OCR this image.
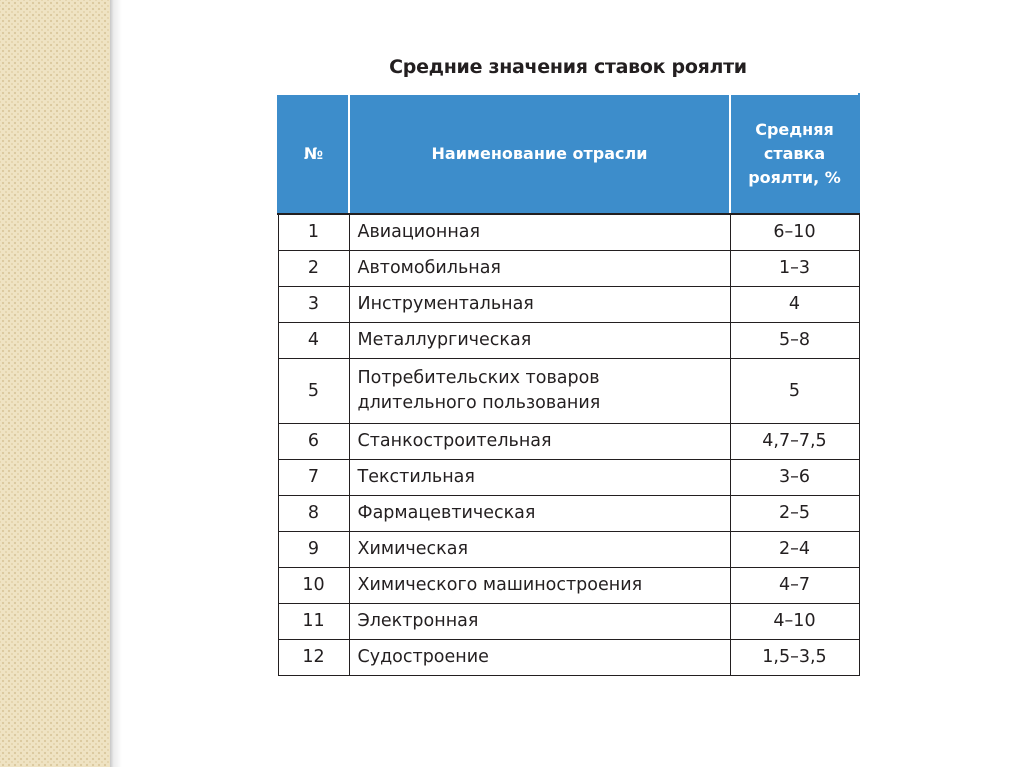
Средние значения ставок роялти
№	Наименование отрасли	Средняя ставка роялти, %
1	Авиационная	6–10
2	Автомобильная	1–3
3	Инструментальная	4
4	Металлургическая	5–8
5	Потребительских товаров длительного пользования	5
6	Станкостроительная	4,7–7,5
7	Текстильная	3–6
8	Фармацевтическая	2–5
9	Химическая	2–4
10	Химического машиностроения	4–7
11	Электронная	4–10
12	Судостроение	1,5–3,5
